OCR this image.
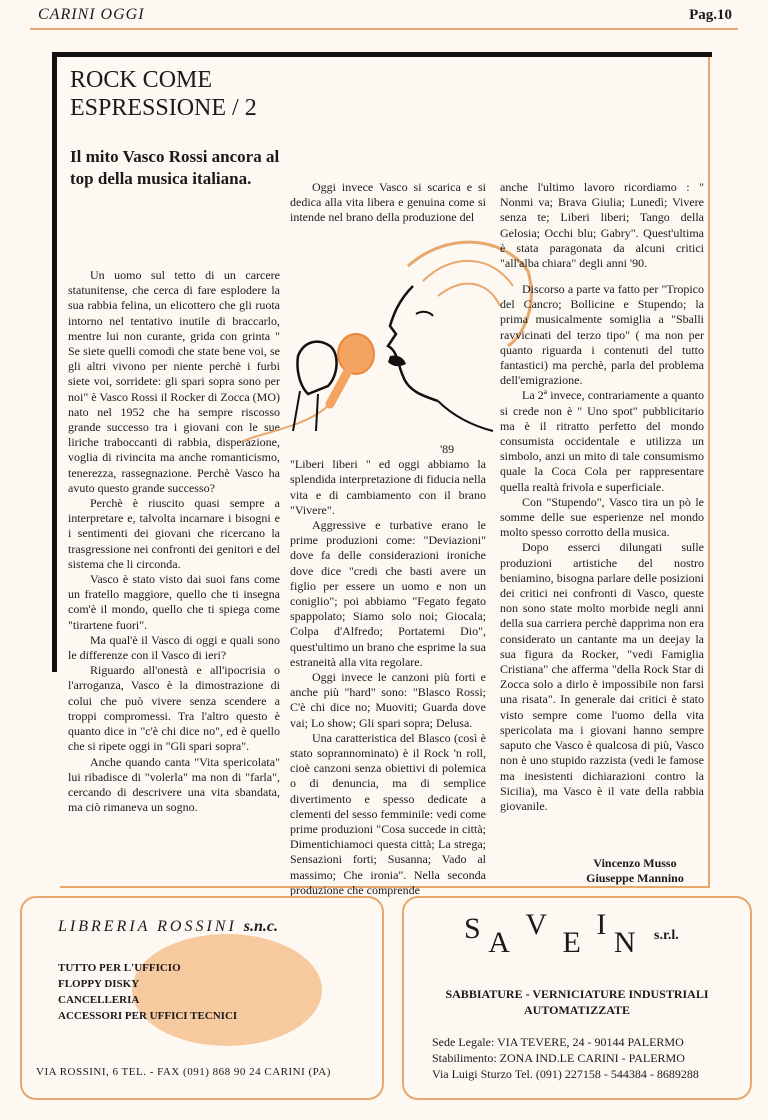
CARINI OGGI	Pag.10
ROCK COME
ESPRESSIONE / 2
Il mito Vasco Rossi ancora al top della musica italiana.

Un uomo sul tetto di un carcere statunitense, che cerca di fare esplodere la sua rabbia felina, un elicottero che gli ruota intorno nel tentativo inutile di braccarlo, mentre lui non curante, grida con grinta " Se siete quelli comodi che state bene voi, se gli altri vivono per niente perchè i furbi siete voi, sorridete: gli spari sopra sono per noi" è Vasco Rossi il Rocker di Zocca (MO) nato nel 1952 che ha sempre riscosso grande successo tra i giovani con le sue liriche traboccanti di rabbia, disperazione, voglia di rivincita ma anche romanticismo, tenerezza, rassegnazione. Perchè Vasco ha avuto questo grande successo?

Perchè è riuscito quasi sempre a interpretare e, talvolta incarnare i bisogni e i sentimenti dei giovani che ricercano la trasgressione nei confronti dei genitori e del sistema che li circonda.

Vasco è stato visto dai suoi fans come un fratello maggiore, quello che ti insegna com'è il mondo, quello che ti spiega come "tirartene fuori".

Ma qual'è il Vasco di oggi e quali sono le differenze con il Vasco di ieri?

Riguardo all'onestà e all'ipocrisia o l'arroganza, Vasco è la dimostrazione di colui che può vivere senza scendere a troppi compromessi. Tra l'altro questo è quanto dice in "c'è chi dice no", ed è quello che si ripete oggi in "Gli spari sopra".

Anche quando canta "Vita spericolata" lui ribadisce di "volerla" ma non di "farla", cercando di descrivere una vita sbandata, ma ciò rimaneva un sogno.

Oggi invece Vasco si scarica e si dedica alla vita libera e genuina come si intende nel brano della produzione del

'89 "Liberi liberi " ed oggi abbiamo la splendida interpretazione di fiducia nella vita e di cambiamento con il brano "Vivere".

Aggressive e turbative erano le prime produzioni come: "Deviazioni" dove fa delle considerazioni ironiche dove dice "credi che basti avere un figlio per essere un uomo e non un coniglio"; poi abbiamo "Fegato fegato spappolato; Siamo solo noi; Giocala; Colpa d'Alfredo; Portatemi Dio", quest'ultimo un brano che esprime la sua estraneità alla vita regolare.

Oggi invece le canzoni più forti e anche più "hard" sono: "Blasco Rossi; C'è chi dice no; Muoviti; Guarda dove vai; Lo show; Gli spari sopra; Delusa.

Una caratteristica del Blasco (così è stato soprannominato) è il Rock 'n roll, cioè canzoni senza obiettivi di polemica o di denuncia, ma di semplice divertimento e spesso dedicate a clementi del sesso femminile: vedi come prime produzioni "Cosa succede in città; Dimentichiamoci questa città; La strega; Sensazioni forti; Susanna; Vado al massimo; Che ironia". Nella seconda produzione che comprende

anche l'ultimo lavoro ricordiamo : " Nonmi va; Brava Giulia; Lunedì; Vivere senza te; Liberi liberi; Tango della Gelosia; Occhi blu; Gabry". Quest'ultima è stata paragonata da alcuni critici "all'alba chiara" degli anni '90.

Discorso a parte va fatto per "Tropico del Cancro; Bollicine e Stupendo; la prima musicalmente somiglia a "Sballi ravvicinati del terzo tipo" ( ma non per quanto riguarda i contenuti del tutto fantastici) ma perchè, parla del problema dell'emigrazione.

La 2ª invece, contrariamente a quanto si crede non è " Uno spot" pubblicitario ma è il ritratto perfetto del mondo consumista occidentale e utilizza un simbolo, anzi un mito di tale consumismo quale la Coca Cola per rappresentare quella realtà frivola e superficiale.

Con "Stupendo", Vasco tira un pò le somme delle sue esperienze nel mondo molto spesso corrotto della musica.

Dopo esserci dilungati sulle produzioni artistiche del nostro beniamino, bisogna parlare delle posizioni dei critici nei confronti di Vasco, queste non sono state molto morbide negli anni della sua carriera perchè dapprima non era considerato un cantante ma un deejay la sua figura da Rocker, "vedi Famiglia Cristiana" che afferma "della Rock Star di Zocca solo a dirlo è impossibile non farsi una risata". In generale dai critici è stato visto sempre come l'uomo della vita spericolata ma i giovani hanno sempre saputo che Vasco è qualcosa di più, Vasco non è uno stupido razzista (vedi le famose ma inesistenti dichiarazioni contro la Sicilia), ma Vasco è il vate della rabbia giovanile.

Vincenzo Musso
Giuseppe Mannino
LIBRERIA ROSSINI s.n.c.
TUTTO PER L'UFFICIO
FLOPPY DISKY
CANCELLERIA
ACCESSORI PER UFFICI TECNICI
VIA ROSSINI, 6 TEL. - FAX (091) 868 90 24 CARINI (PA)
S A V E I N s.r.l.
SABBIATURE - VERNICIATURE INDUSTRIALI
AUTOMATIZZATE
Sede Legale: VIA TEVERE, 24 - 90144 PALERMO
Stabilimento: ZONA IND.LE CARINI - PALERMO
Via Luigi Sturzo Tel. (091) 227158 - 544384 - 8689288
